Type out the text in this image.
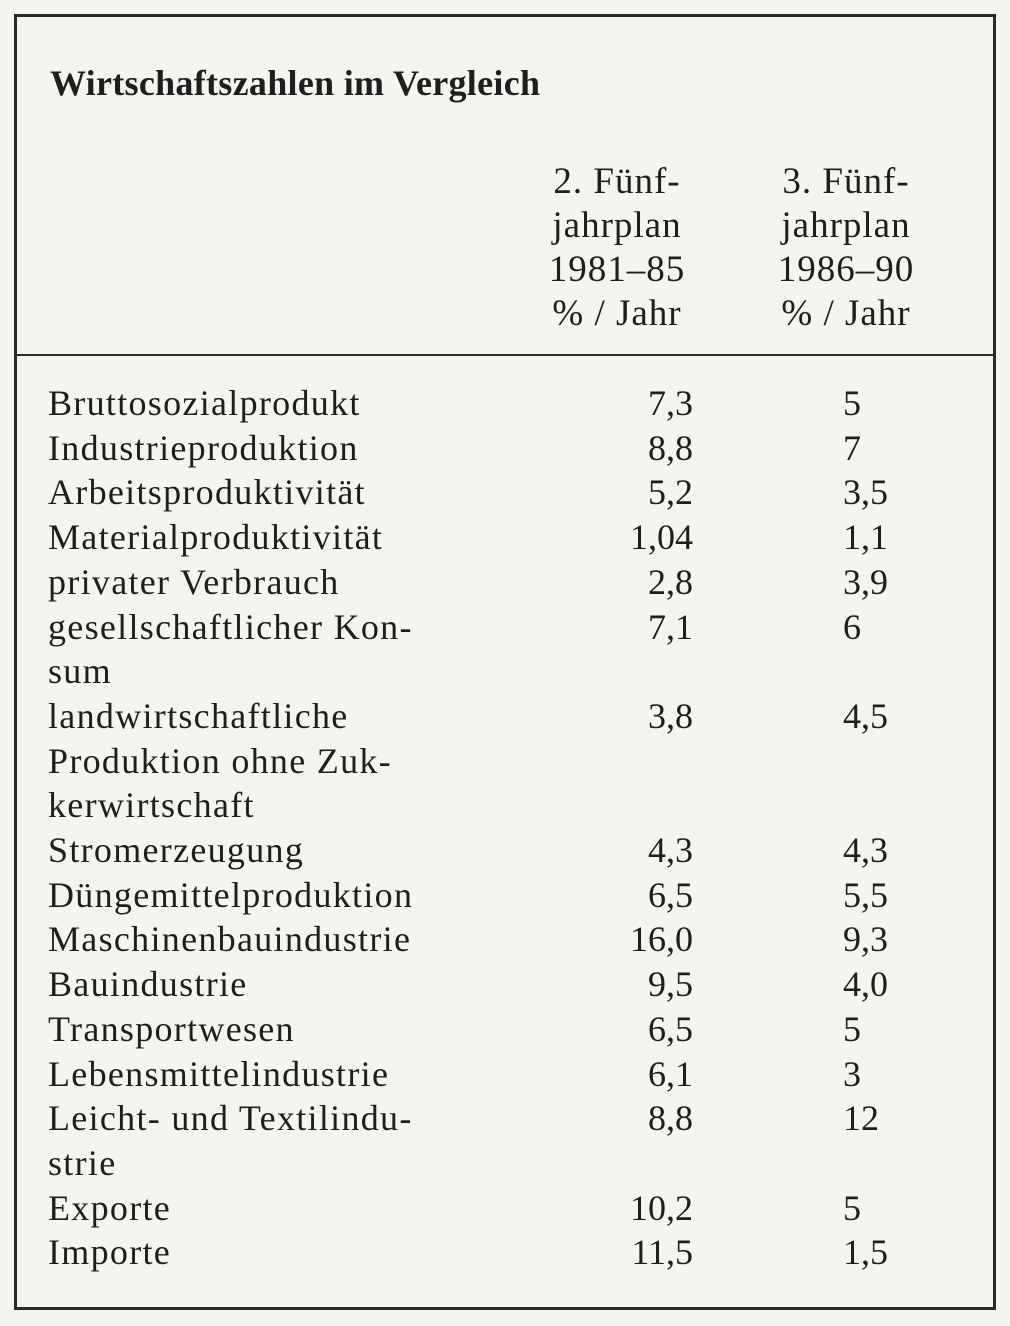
Wirtschaftszahlen im Vergleich
2. Fünf-
jahrplan
1981–85
% / Jahr
3. Fünf-
jahrplan
1986–90
% / Jahr
Bruttosozialprodukt	7,3	5
Industrieproduktion	8,8	7
Arbeitsproduktivität	5,2	3,5
Materialproduktivität	1,04	1,1
privater Verbrauch	2,8	3,9
gesellschaftlicher Kon-
sum
7,1	6
landwirtschaftliche
Produktion ohne Zuk-
kerwirtschaft
3,8	4,5
Stromerzeugung	4,3	4,3
Düngemittelproduktion	6,5	5,5
Maschinenbauindustrie	16,0	9,3
Bauindustrie	9,5	4,0
Transportwesen	6,5	5
Lebensmittelindustrie	6,1	3
Leicht- und Textilindu-
strie
8,8	12
Exporte	10,2	5
Importe	11,5	1,5
